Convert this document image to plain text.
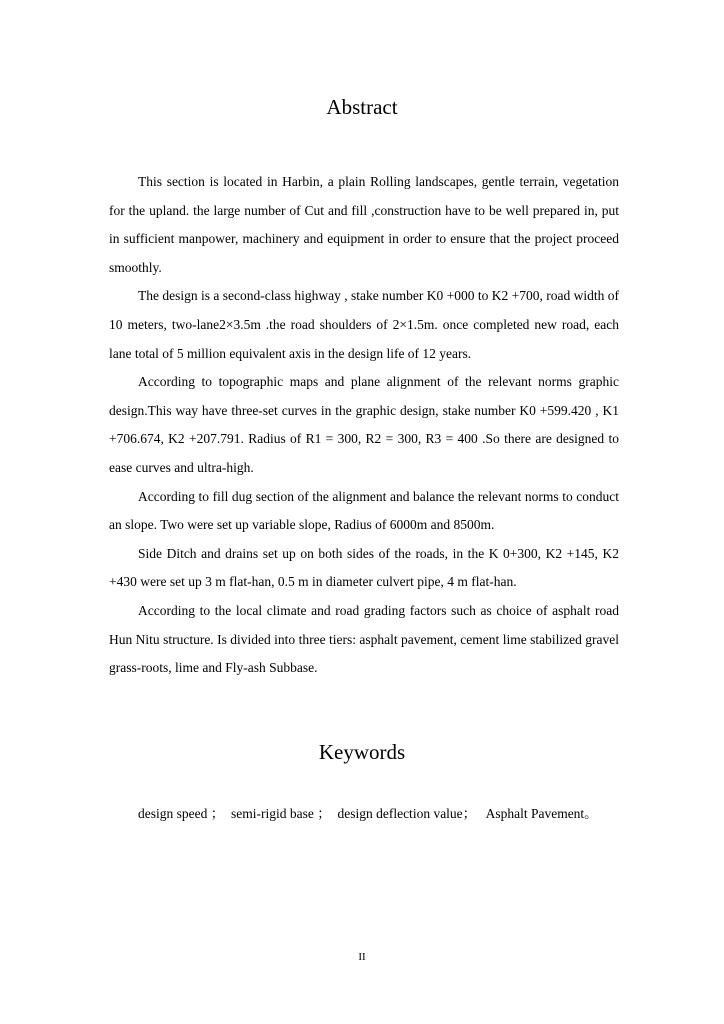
Abstract

This section is located in Harbin, a plain Rolling landscapes, gentle terrain, vegetation for the upland. the large number of Cut and fill ,construction have to be well prepared in, put in sufficient manpower, machinery and equipment in order to ensure that the project proceed smoothly.

The design is a second-class highway , stake number K0 +000 to K2 +700, road width of 10 meters, two-lane2×3.5m .the road shoulders of 2×1.5m. once completed new road, each lane total of 5 million equivalent axis in the design life of 12 years.

According to topographic maps and plane alignment of the relevant norms graphic design.This way have three-set curves in the graphic design, stake number K0 +599.420 , K1 +706.674, K2 +207.791. Radius of R1 = 300, R2 = 300, R3 = 400 .So there are designed to ease curves and ultra-high.

According to fill dug section of the alignment and balance the relevant norms to conduct an slope. Two were set up variable slope, Radius of 6000m and 8500m.

Side Ditch and drains set up on both sides of the roads, in the K 0+300, K2 +145, K2 +430 were set up 3 m flat-han, 0.5 m in diameter culvert pipe, 4 m flat-han.

According to the local climate and road grading factors such as choice of asphalt road Hun Nitu structure. Is divided into three tiers: asphalt pavement, cement lime stabilized gravel grass-roots, lime and Fly-ash Subbase.

Keywords
design speed ； semi-rigid base ； design deflection value； Asphalt Pavement。
II
